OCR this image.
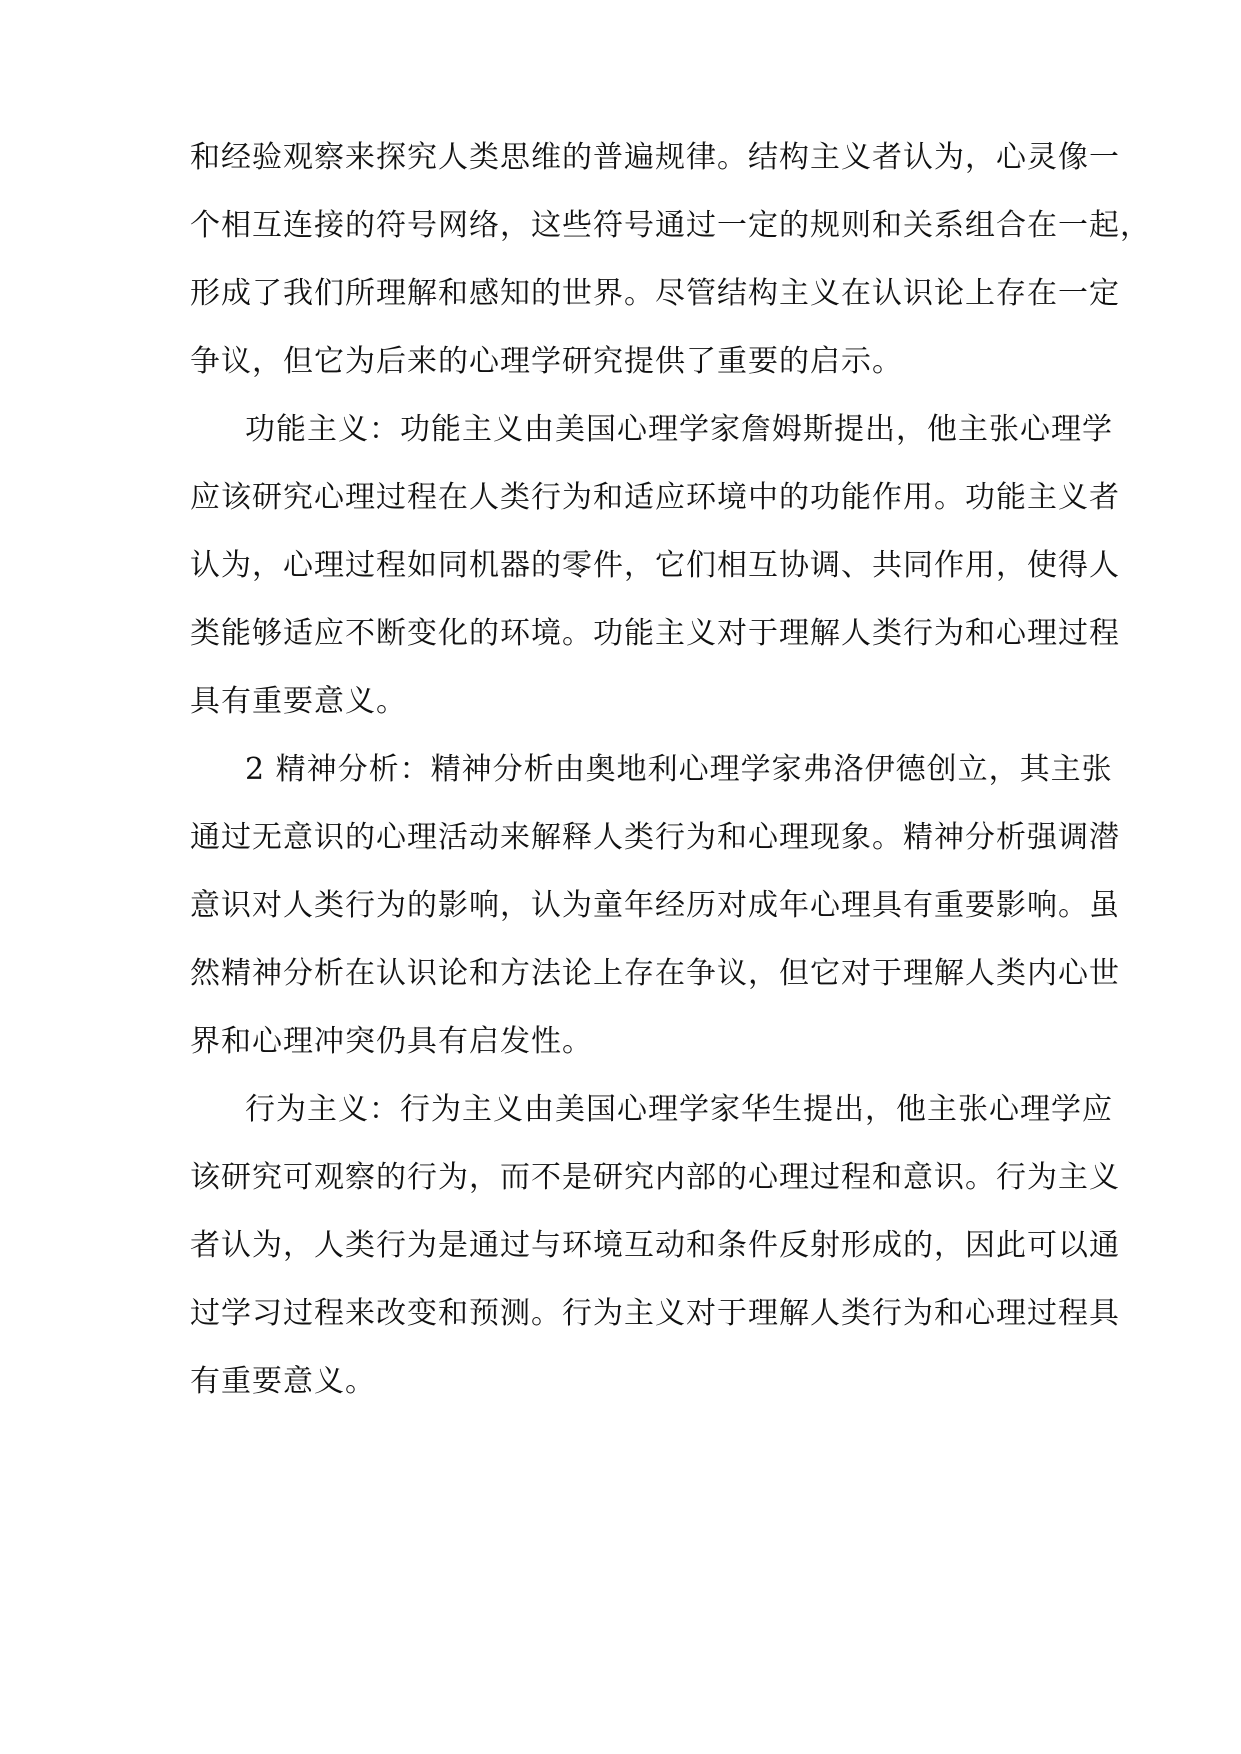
和经验观察来探究人类思维的普遍规律。结构主义者认为，心灵像一
个相互连接的符号网络，这些符号通过一定的规则和关系组合在一起，
形成了我们所理解和感知的世界。尽管结构主义在认识论上存在一定
争议，但它为后来的心理学研究提供了重要的启示。
功能主义：功能主义由美国心理学家詹姆斯提出，他主张心理学
应该研究心理过程在人类行为和适应环境中的功能作用。功能主义者
认为，心理过程如同机器的零件，它们相互协调、共同作用，使得人
类能够适应不断变化的环境。功能主义对于理解人类行为和心理过程
具有重要意义。
2 精神分析：精神分析由奥地利心理学家弗洛伊德创立，其主张
通过无意识的心理活动来解释人类行为和心理现象。精神分析强调潜
意识对人类行为的影响，认为童年经历对成年心理具有重要影响。虽
然精神分析在认识论和方法论上存在争议，但它对于理解人类内心世
界和心理冲突仍具有启发性。
行为主义：行为主义由美国心理学家华生提出，他主张心理学应
该研究可观察的行为，而不是研究内部的心理过程和意识。行为主义
者认为，人类行为是通过与环境互动和条件反射形成的，因此可以通
过学习过程来改变和预测。行为主义对于理解人类行为和心理过程具
有重要意义。
